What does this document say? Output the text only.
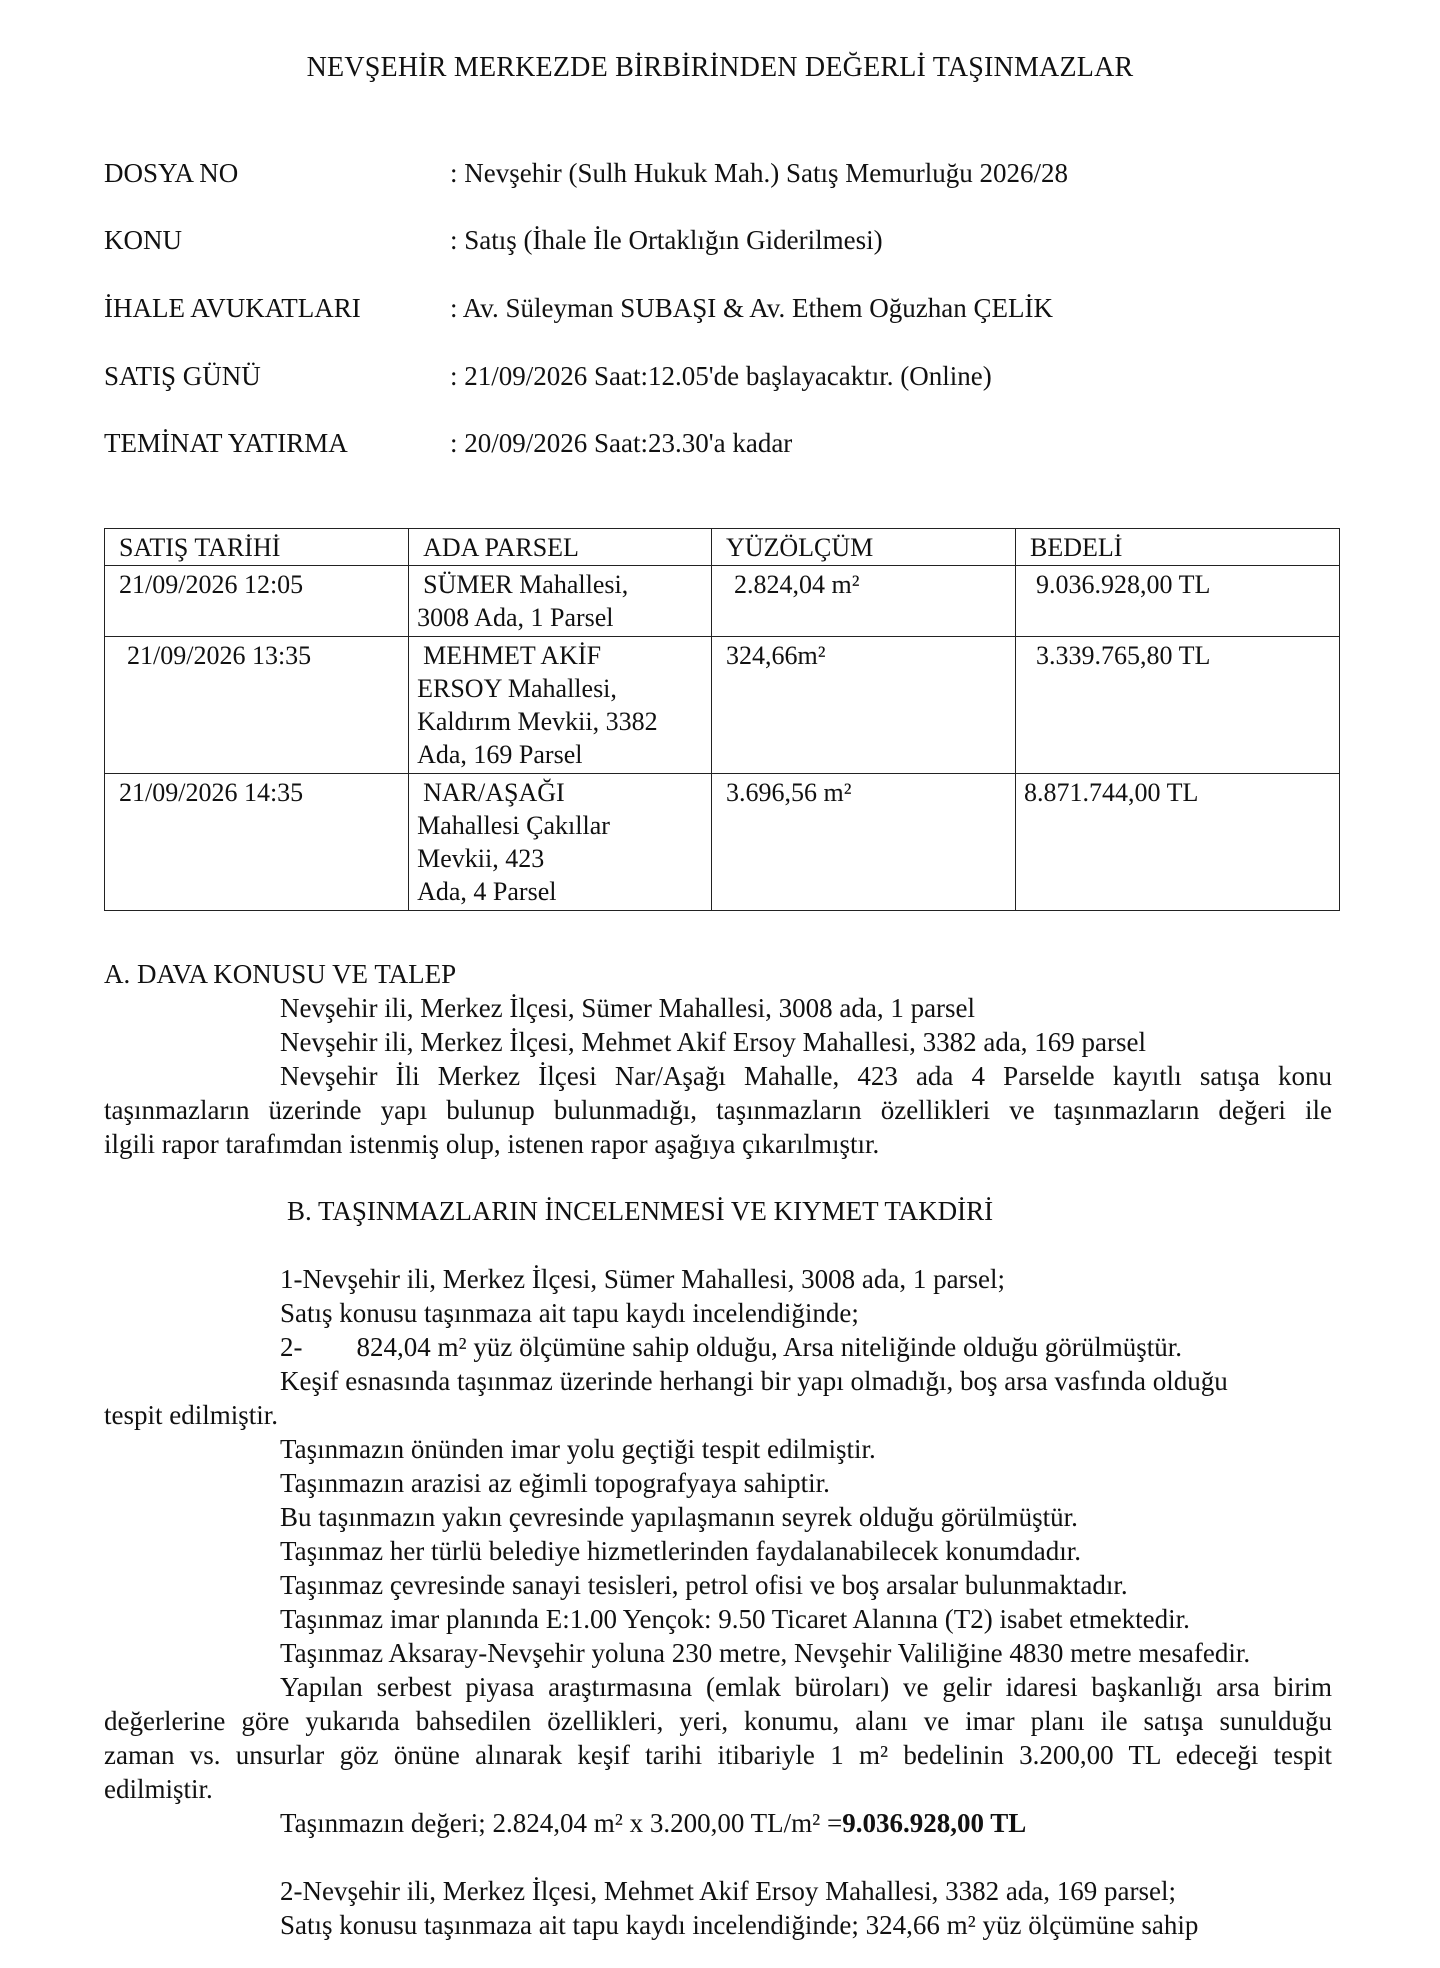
NEVŞEHİR MERKEZDE BİRBİRİNDEN DEĞERLİ TAŞINMAZLAR
DOSYA NO	: Nevşehir (Sulh Hukuk Mah.) Satış Memurluğu 2026/28
KONU	: Satış (İhale İle Ortaklığın Giderilmesi)
İHALE AVUKATLARI	: Av. Süleyman SUBAŞI & Av. Ethem Oğuzhan ÇELİK
SATIŞ GÜNÜ	: 21/09/2026 Saat:12.05'de başlayacaktır. (Online)
TEMİNAT YATIRMA	: 20/09/2026 Saat:23.30'a kadar
SATIŞ TARİHİ	ADA PARSEL	YÜZÖLÇÜM	BEDELİ
21/09/2026 12:05	SÜMER Mahallesi,
3008 Ada, 1 Parsel	2.824,04 m²	9.036.928,00 TL
21/09/2026 13:35	MEHMET AKİF
ERSOY Mahallesi,
Kaldırım Mevkii, 3382
Ada, 169 Parsel	324,66m²	3.339.765,80 TL
21/09/2026 14:35	NAR/AŞAĞI
Mahallesi Çakıllar
Mevkii, 423
Ada, 4 Parsel	3.696,56 m²	8.871.744,00 TL
A. DAVA KONUSU VE TALEP
Nevşehir ili, Merkez İlçesi, Sümer Mahallesi, 3008 ada, 1 parsel
Nevşehir ili, Merkez İlçesi, Mehmet Akif Ersoy Mahallesi, 3382 ada, 169 parsel
Nevşehir İli Merkez İlçesi Nar/Aşağı Mahalle, 423 ada 4 Parselde kayıtlı satışa konu
taşınmazların üzerinde yapı bulunup bulunmadığı, taşınmazların özellikleri ve taşınmazların değeri ile
ilgili rapor tarafımdan istenmiş olup, istenen rapor aşağıya çıkarılmıştır.
B. TAŞINMAZLARIN İNCELENMESİ VE KIYMET TAKDİRİ
1-Nevşehir ili, Merkez İlçesi, Sümer Mahallesi, 3008 ada, 1 parsel;
Satış konusu taşınmaza ait tapu kaydı incelendiğinde;
2-        824,04 m² yüz ölçümüne sahip olduğu, Arsa niteliğinde olduğu görülmüştür.
Keşif esnasında taşınmaz üzerinde herhangi bir yapı olmadığı, boş arsa vasfında olduğu
tespit edilmiştir.
Taşınmazın önünden imar yolu geçtiği tespit edilmiştir.
Taşınmazın arazisi az eğimli topografyaya sahiptir.
Bu taşınmazın yakın çevresinde yapılaşmanın seyrek olduğu görülmüştür.
Taşınmaz her türlü belediye hizmetlerinden faydalanabilecek konumdadır.
Taşınmaz çevresinde sanayi tesisleri, petrol ofisi ve boş arsalar bulunmaktadır.
Taşınmaz imar planında E:1.00 Yençok: 9.50 Ticaret Alanına (T2) isabet etmektedir.
Taşınmaz Aksaray-Nevşehir yoluna 230 metre, Nevşehir Valiliğine 4830 metre mesafedir.
Yapılan serbest piyasa araştırmasına (emlak büroları) ve gelir idaresi başkanlığı arsa birim
değerlerine göre yukarıda bahsedilen özellikleri, yeri, konumu, alanı ve imar planı ile satışa sunulduğu
zaman vs. unsurlar göz önüne alınarak keşif tarihi itibariyle 1 m² bedelinin 3.200,00 TL edeceği tespit
edilmiştir.
Taşınmazın değeri; 2.824,04 m² x 3.200,00 TL/m² =9.036.928,00 TL
2-Nevşehir ili, Merkez İlçesi, Mehmet Akif Ersoy Mahallesi, 3382 ada, 169 parsel;
Satış konusu taşınmaza ait tapu kaydı incelendiğinde; 324,66 m² yüz ölçümüne sahip
